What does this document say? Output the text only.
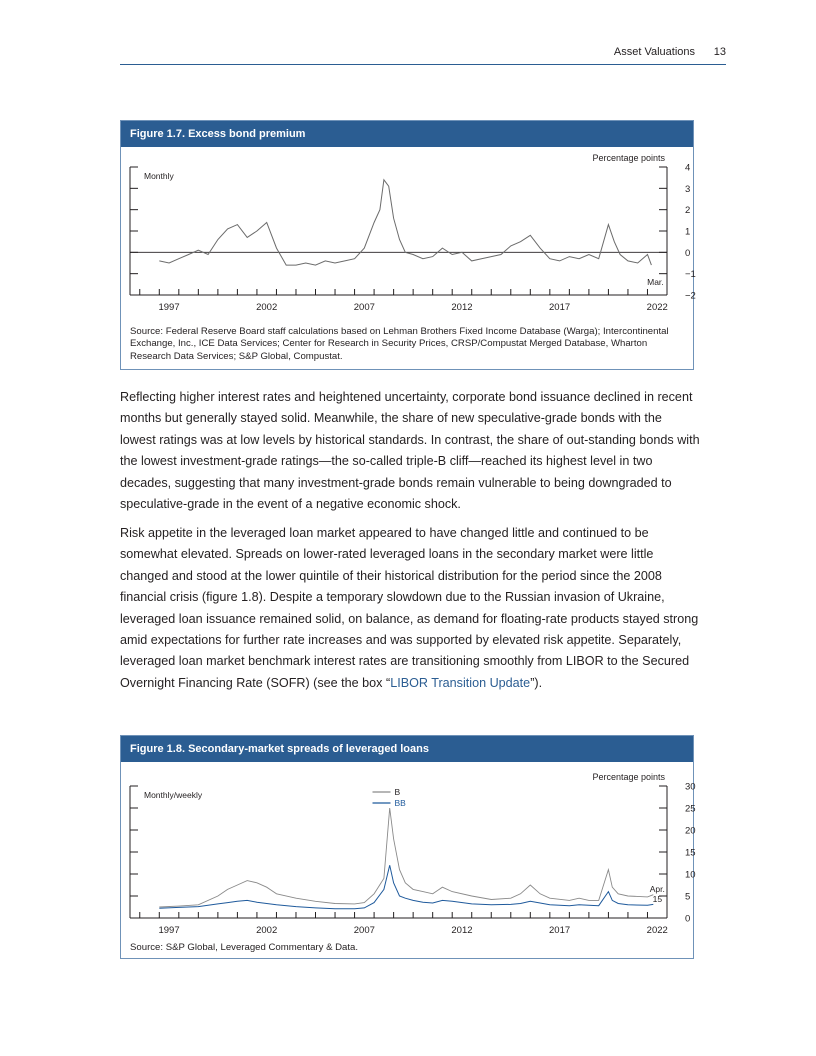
Asset Valuations 13
Figure 1.7. Excess bond premium
4
3
2
1
0
−1
−2
1997	2002	2007	2012	2017	2022
Monthly
Percentage points
Mar.
Source: Federal Reserve Board staff calculations based on Lehman Brothers Fixed Income Database (Warga); Intercontinental Exchange, Inc., ICE Data Services; Center for Research in Security Prices, CRSP/Compustat Merged Database, Wharton Research Data Services; S&P Global, Compustat.

Reflecting higher interest rates and heightened uncertainty, corporate bond issuance declined in recent months but generally stayed solid. Meanwhile, the share of new speculative-grade bonds with the lowest ratings was at low levels by historical standards. In contrast, the share of out-standing bonds with the lowest investment-grade ratings—the so-called triple-B cliff—reached its highest level in two decades, suggesting that many investment-grade bonds remain vulnerable to being downgraded to speculative-grade in the event of a negative economic shock.

Risk appetite in the leveraged loan market appeared to have changed little and continued to be somewhat elevated. Spreads on lower-rated leveraged loans in the secondary market were little changed and stood at the lower quintile of their historical distribution for the period since the 2008 financial crisis (figure 1.8). Despite a temporary slowdown due to the Russian invasion of Ukraine, leveraged loan issuance remained solid, on balance, as demand for floating-rate products stayed strong amid expectations for further rate increases and was supported by elevated risk appetite. Separately, leveraged loan market benchmark interest rates are transitioning smoothly from LIBOR to the Secured Overnight Financing Rate (SOFR) (see the box “LIBOR Transition Update”).

Figure 1.8. Secondary-market spreads of leveraged loans
30
25
20
15
10
5
0
1997	2002	2007	2012	2017	2022
Monthly/weekly
Percentage points
Apr.
15
B
BB
Source: S&P Global, Leveraged Commentary & Data.
